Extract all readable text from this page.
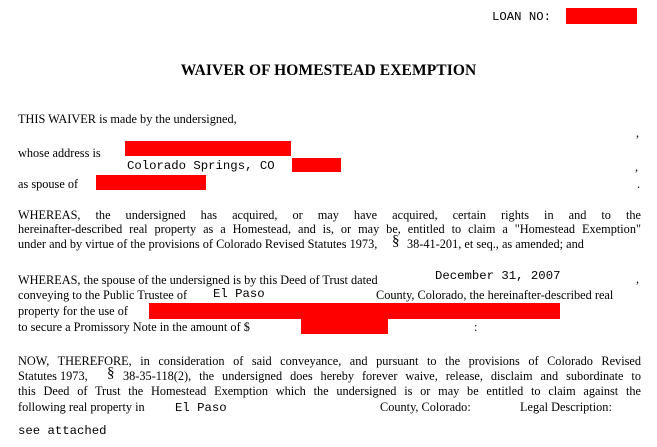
LOAN NO:
WAIVER OF HOMESTEAD EXEMPTION
THIS WAIVER is made by the undersigned,
,
whose address is
Colorado Springs, CO	,
as spouse of	.
WHEREAS, the undersigned has acquired, or may have acquired, certain rights in and to the
hereinafter-described real property as a Homestead, and is, or may be, entitled to claim a "Homestead Exemption"
under and by virtue of the provisions of Colorado Revised Statutes 1973, § 38-41-201, et seq., as amended; and
WHEREAS, the spouse of the undersigned is by this Deed of Trust dated	December 31, 2007	,
conveying to the Public Trustee of El Paso	County, Colorado, the hereinafter-described real
property for the use of
to secure a Promissory Note in the amount of $	:
NOW, THEREFORE, in consideration of said conveyance, and pursuant to the provisions of Colorado Revised
Statutes 1973, § 38-35-118(2), the undersigned does hereby forever waive, release, disclaim and subordinate to
this Deed of Trust the Homestead Exemption which the undersigned is or may be entitled to claim against the
following real property in El Paso	County, Colorado:	Legal Description:
see attached
